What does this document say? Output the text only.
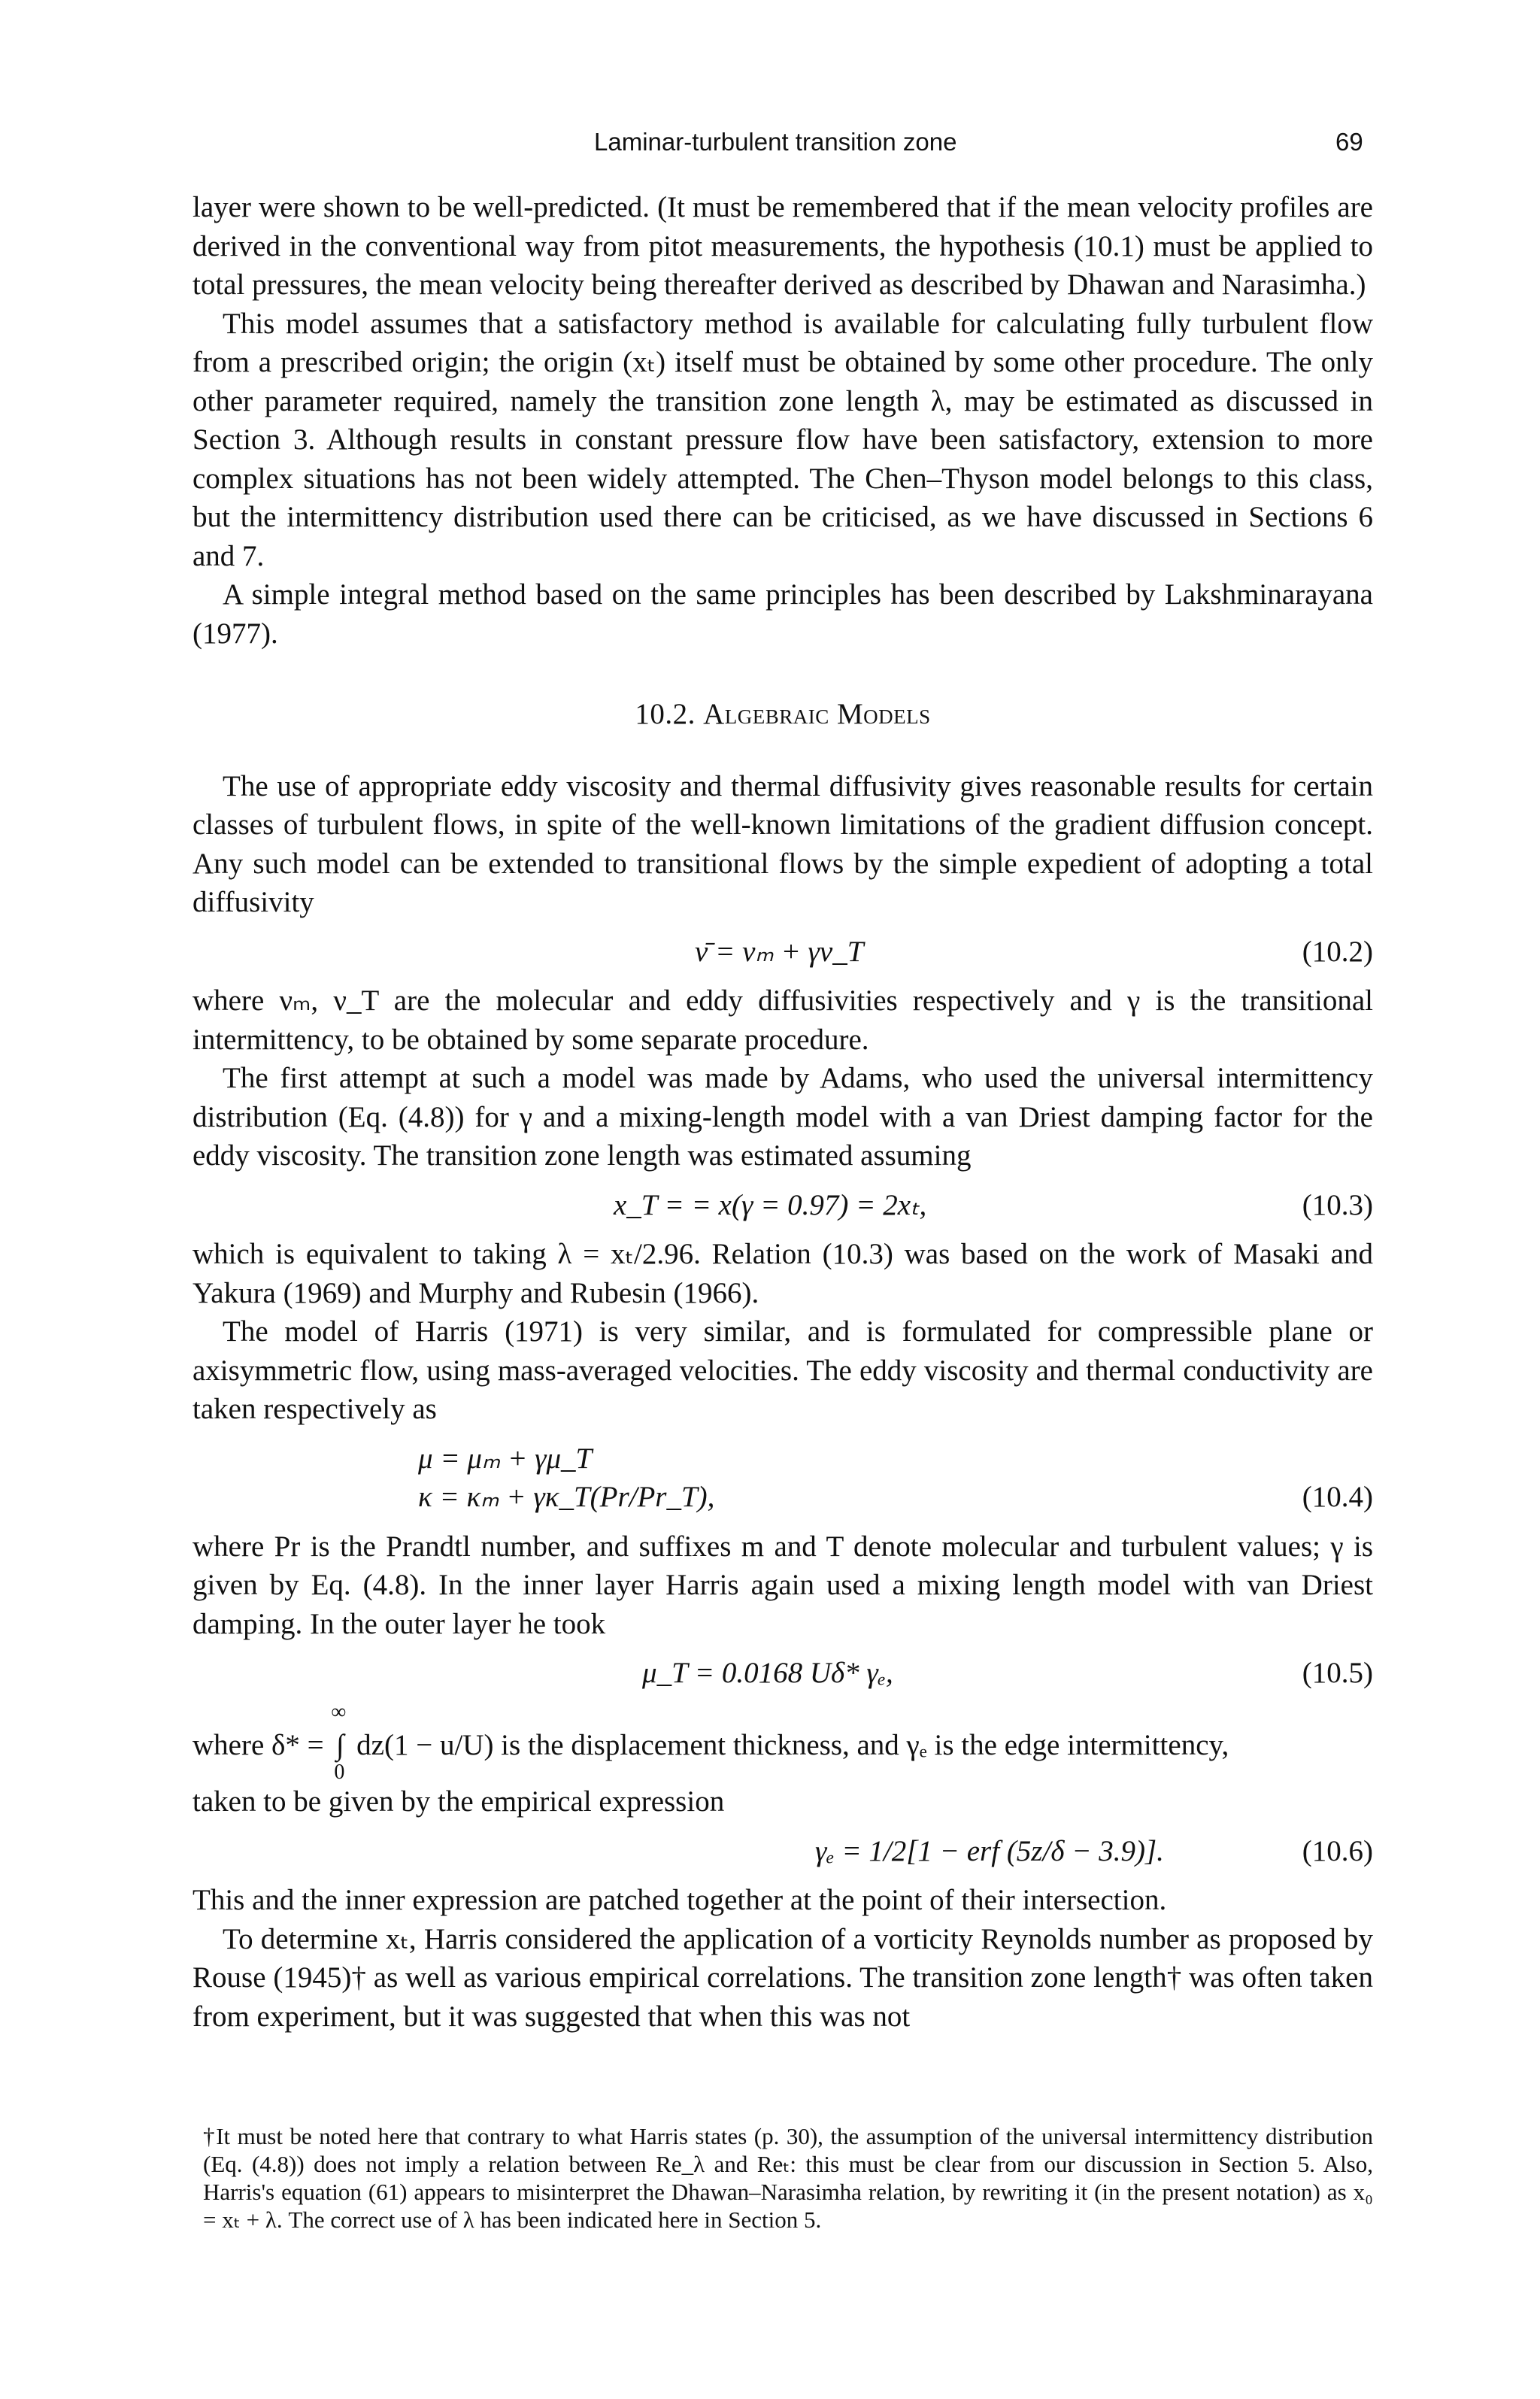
Laminar-turbulent transition zone	69

layer were shown to be well-predicted. (It must be remembered that if the mean velocity profiles are derived in the conventional way from pitot measurements, the hypothesis (10.1) must be applied to total pressures, the mean velocity being thereafter derived as described by Dhawan and Narasimha.)

This model assumes that a satisfactory method is available for calculating fully turbulent flow from a prescribed origin; the origin (xₜ) itself must be obtained by some other procedure. The only other parameter required, namely the transition zone length λ, may be estimated as discussed in Section 3. Although results in constant pressure flow have been satisfactory, extension to more complex situations has not been widely attempted. The Chen–Thyson model belongs to this class, but the intermittency distribution used there can be criticised, as we have discussed in Sections 6 and 7.

A simple integral method based on the same principles has been described by Lakshminarayana (1977).

10.2. Algebraic Models

The use of appropriate eddy viscosity and thermal diffusivity gives reasonable results for certain classes of turbulent flows, in spite of the well-known limitations of the gradient diffusion concept. Any such model can be extended to transitional flows by the simple expedient of adopting a total diffusivity

ν̄ = νₘ + γν_T	(10.2)

where νₘ, ν_T are the molecular and eddy diffusivities respectively and γ is the transitional intermittency, to be obtained by some separate procedure.

The first attempt at such a model was made by Adams, who used the universal intermittency distribution (Eq. (4.8)) for γ and a mixing-length model with a van Driest damping factor for the eddy viscosity. The transition zone length was estimated assuming

x_T = = x(γ = 0.97) = 2xₜ,	(10.3)

which is equivalent to taking λ = xₜ/2.96. Relation (10.3) was based on the work of Masaki and Yakura (1969) and Murphy and Rubesin (1966).

The model of Harris (1971) is very similar, and is formulated for compressible plane or axisymmetric flow, using mass-averaged velocities. The eddy viscosity and thermal conductivity are taken respectively as

μ = μₘ + γμ_T
κ = κₘ + γκ_T(Pr/Pr_T),	(10.4)

where Pr is the Prandtl number, and suffixes m and T denote molecular and turbulent values; γ is given by Eq. (4.8). In the inner layer Harris again used a mixing length model with van Driest damping. In the outer layer he took

μ_T = 0.0168 Uδ* γₑ,	(10.5)

where δ* =
∞
∫
0
dz(1 − u/U) is the displacement thickness, and γₑ is the edge intermittency,

taken to be given by the empirical expression

γₑ = 1/2[1 − erf (5z/δ − 3.9)].	(10.6)

This and the inner expression are patched together at the point of their intersection.

To determine xₜ, Harris considered the application of a vorticity Reynolds number as proposed by Rouse (1945)† as well as various empirical correlations. The transition zone length† was often taken from experiment, but it was suggested that when this was not

†It must be noted here that contrary to what Harris states (p. 30), the assumption of the universal intermittency distribution (Eq. (4.8)) does not imply a relation between Re_λ and Reₜ: this must be clear from our discussion in Section 5. Also, Harris's equation (61) appears to misinterpret the Dhawan–Narasimha relation, by rewriting it (in the present notation) as x₀ = xₜ + λ. The correct use of λ has been indicated here in Section 5.
